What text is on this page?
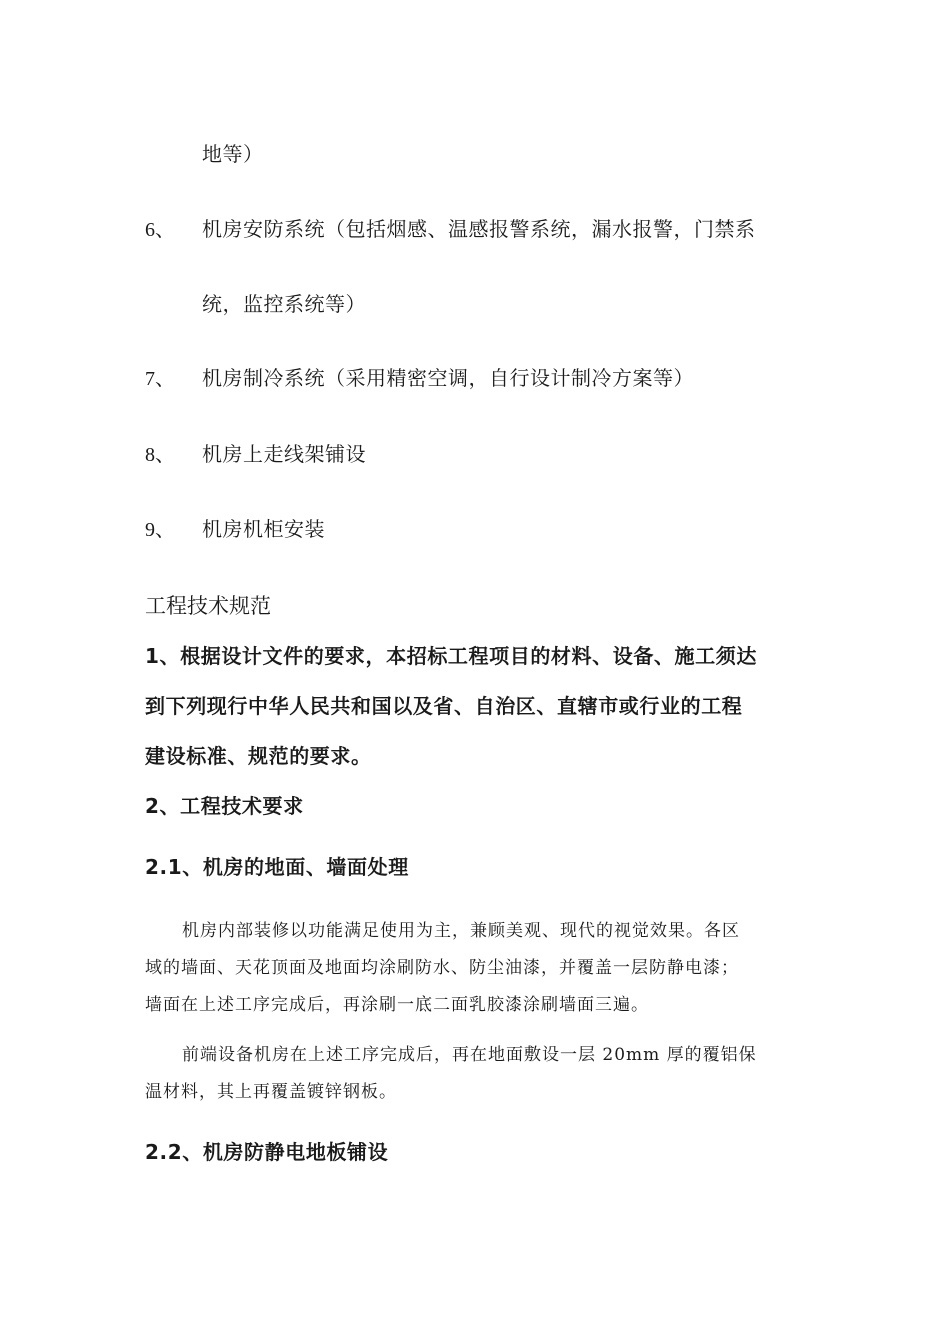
地等）
6、 机房安防系统（包括烟感、温感报警系统，漏水报警，门禁系
统，监控系统等）
7、 机房制冷系统（采用精密空调，自行设计制冷方案等）
8、 机房上走线架铺设
9、 机房机柜安装
工程技术规范
1、根据设计文件的要求，本招标工程项目的材料、设备、施工须达
到下列现行中华人民共和国以及省、自治区、直辖市或行业的工程
建设标准、规范的要求。
2、工程技术要求
2.1、机房的地面、墙面处理
机房内部装修以功能满足使用为主，兼顾美观、现代的视觉效果。各区
域的墙面、天花顶面及地面均涂刷防水、防尘油漆，并覆盖一层防静电漆；
墙面在上述工序完成后，再涂刷一底二面乳胶漆涂刷墙面三遍。
前端设备机房在上述工序完成后，再在地面敷设一层 20mm 厚的覆铝保
温材料，其上再覆盖镀锌钢板。
2.2、机房防静电地板铺设
